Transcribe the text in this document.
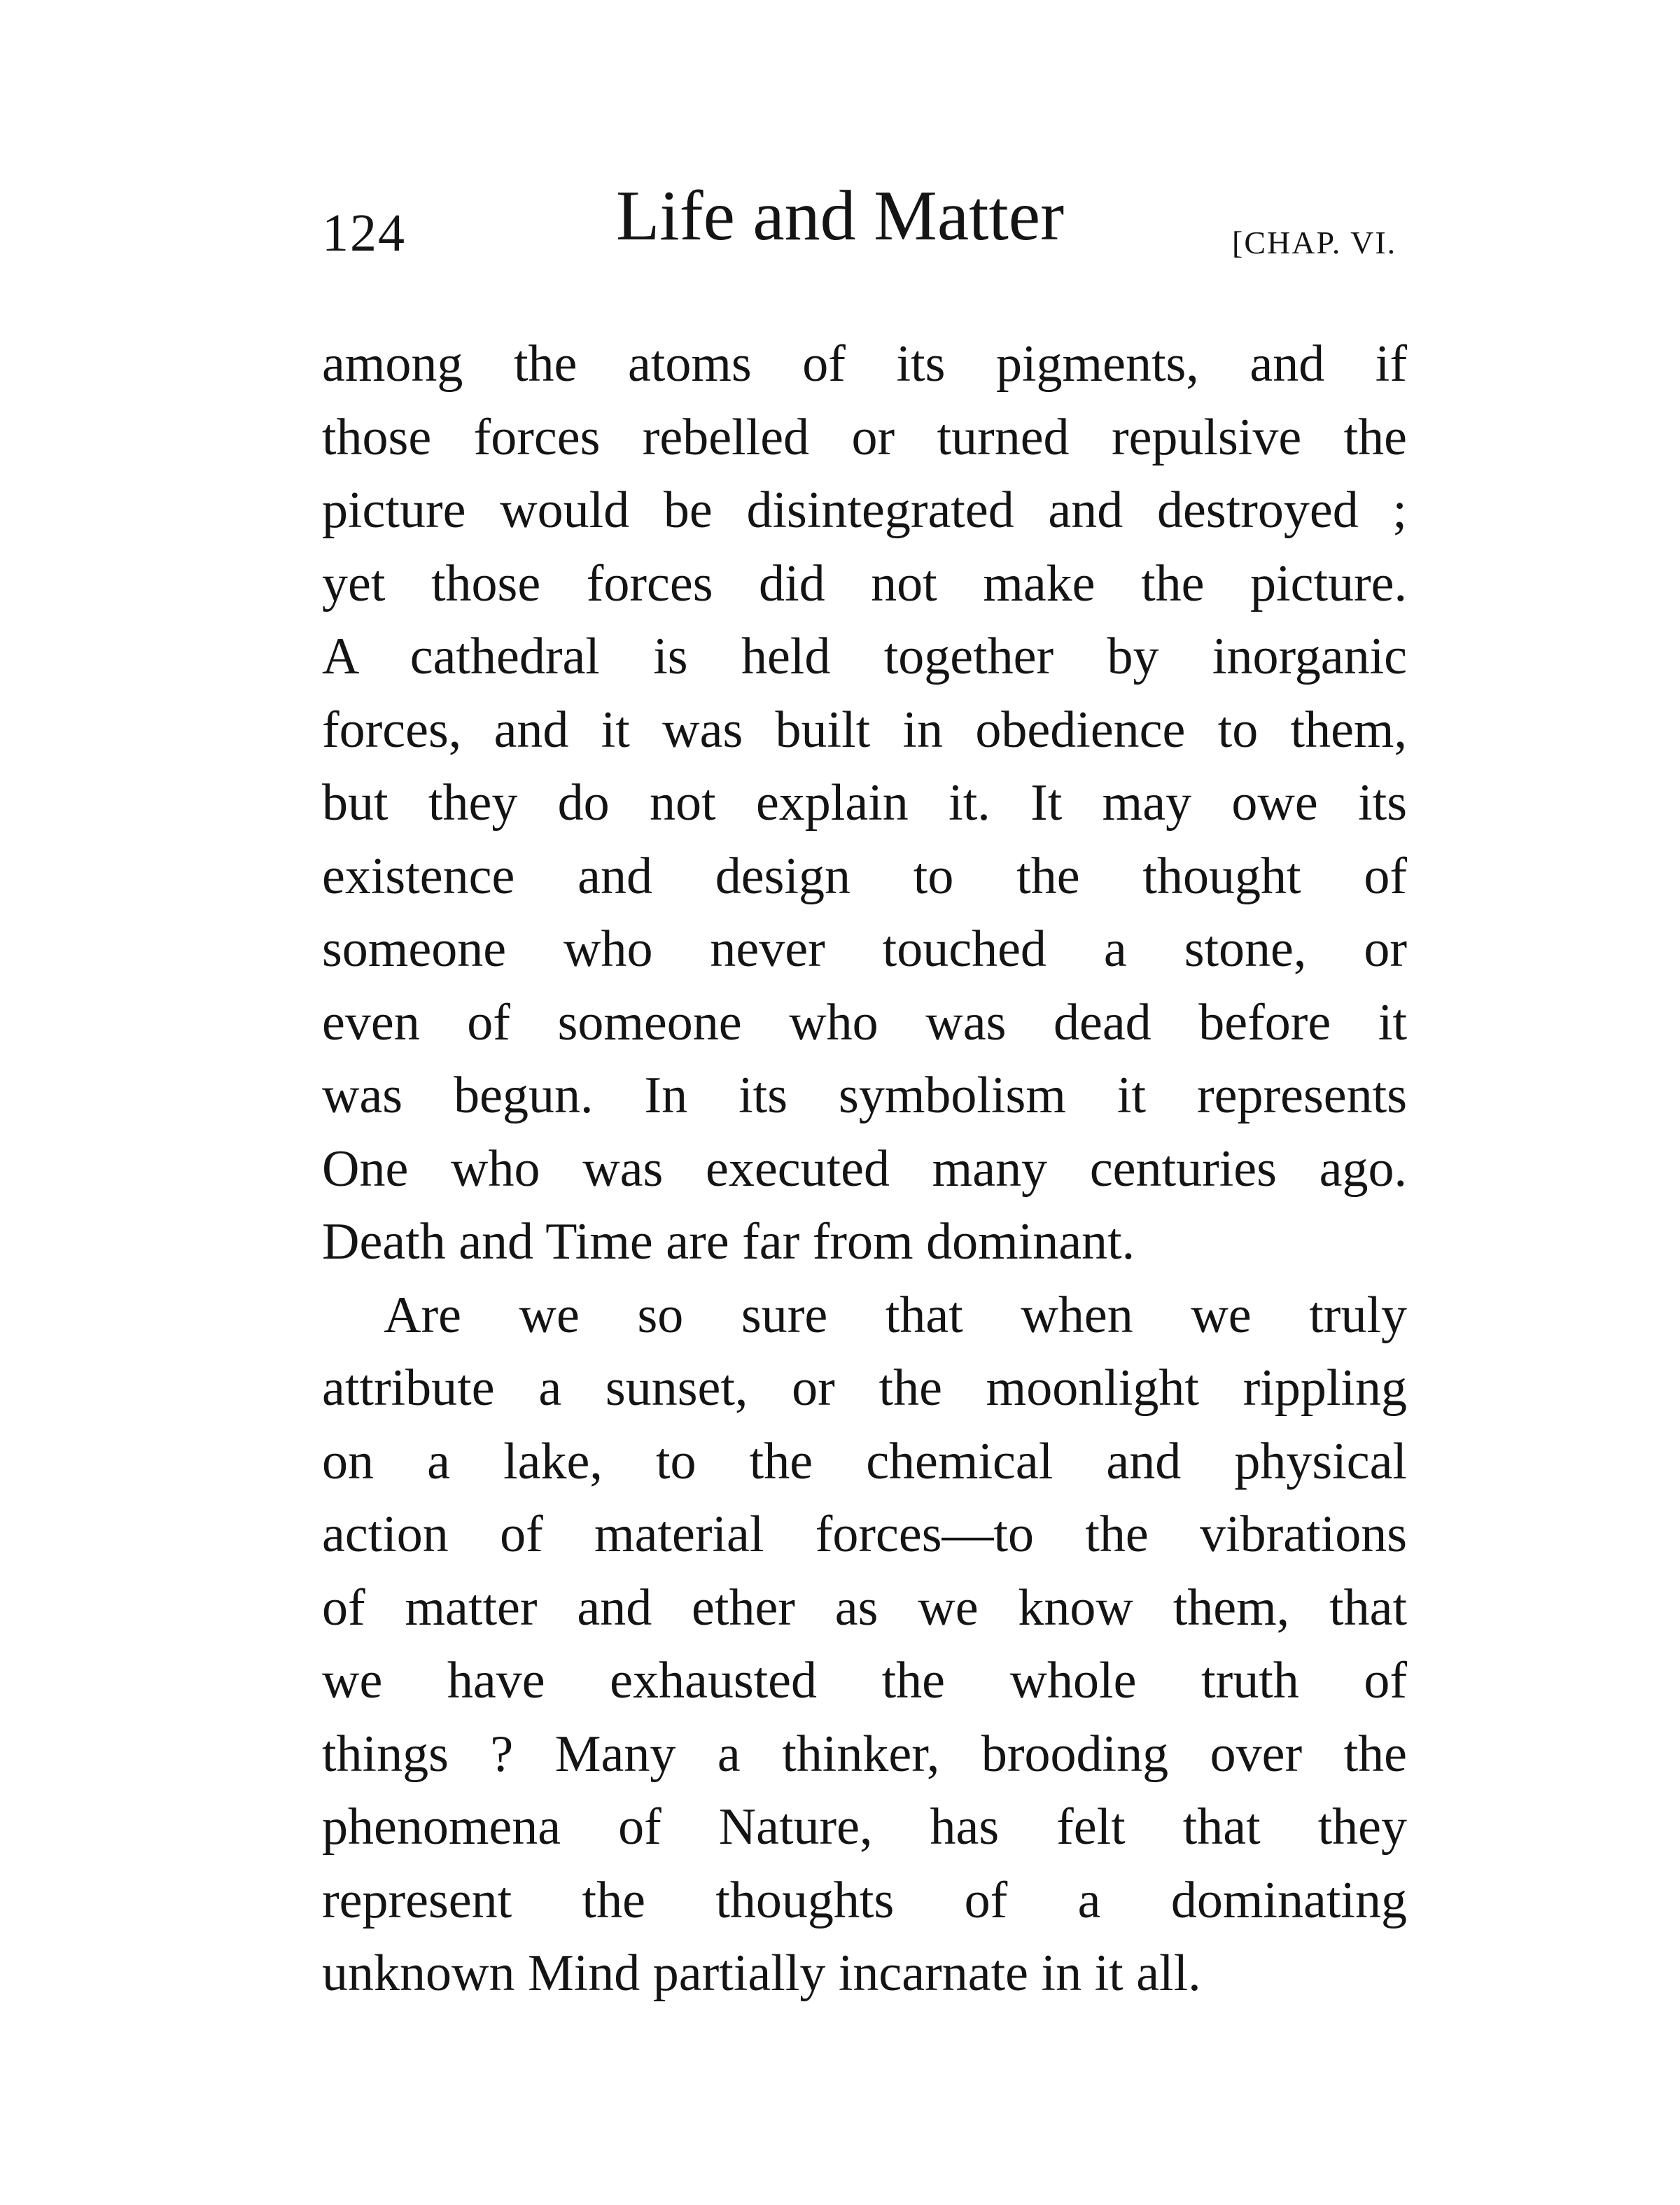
124	Life and Matter	[CHAP. VI.
among the atoms of its pigments, and if
those forces rebelled or turned repulsive the
picture would be disintegrated and destroyed ;
yet those forces did not make the picture.
A cathedral is held together by inorganic
forces, and it was built in obedience to them,
but they do not explain it. It may owe its
existence and design to the thought of
someone who never touched a stone, or
even of someone who was dead before it
was begun. In its symbolism it represents
One who was executed many centuries ago.
Death and Time are far from dominant.
Are we so sure that when we truly
attribute a sunset, or the moonlight rippling
on a lake, to the chemical and physical
action of material forces—to the vibrations
of matter and ether as we know them, that
we have exhausted the whole truth of
things ? Many a thinker, brooding over the
phenomena of Nature, has felt that they
represent the thoughts of a dominating
unknown Mind partially incarnate in it all.
